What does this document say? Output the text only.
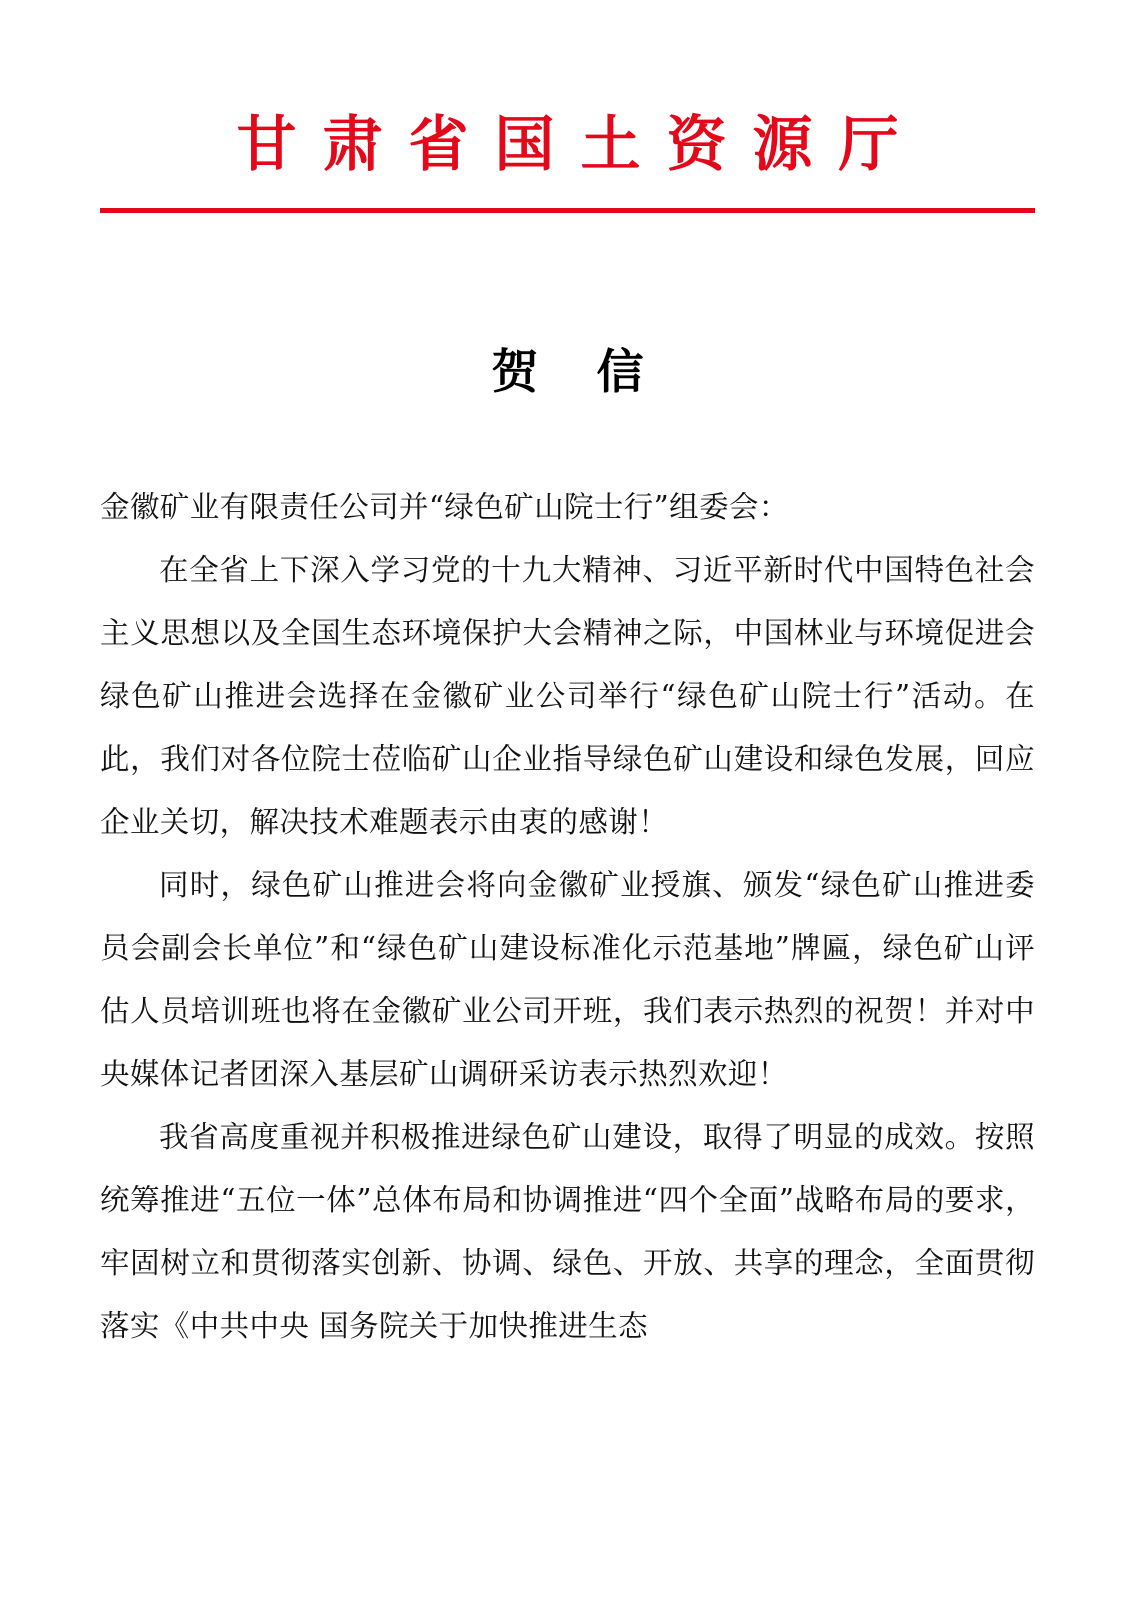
甘肃省国土资源厅
贺信

金徽矿业有限责任公司并“绿色矿山院士行”组委会：

在全省上下深入学习党的十九大精神、习近平新时代中国特色社会主义思想以及全国生态环境保护大会精神之际，中国林业与环境促进会绿色矿山推进会选择在金徽矿业公司举行“绿色矿山院士行”活动。在此，我们对各位院士莅临矿山企业指导绿色矿山建设和绿色发展，回应企业关切，解决技术难题表示由衷的感谢！

同时，绿色矿山推进会将向金徽矿业授旗、颁发“绿色矿山推进委员会副会长单位”和“绿色矿山建设标准化示范基地”牌匾，绿色矿山评估人员培训班也将在金徽矿业公司开班，我们表示热烈的祝贺！并对中央媒体记者团深入基层矿山调研采访表示热烈欢迎！

我省高度重视并积极推进绿色矿山建设，取得了明显的成效。按照统筹推进“五位一体”总体布局和协调推进“四个全面”战略布局的要求，牢固树立和贯彻落实创新、协调、绿色、开放、共享的理念，全面贯彻落实《中共中央 国务院关于加快推进生态
